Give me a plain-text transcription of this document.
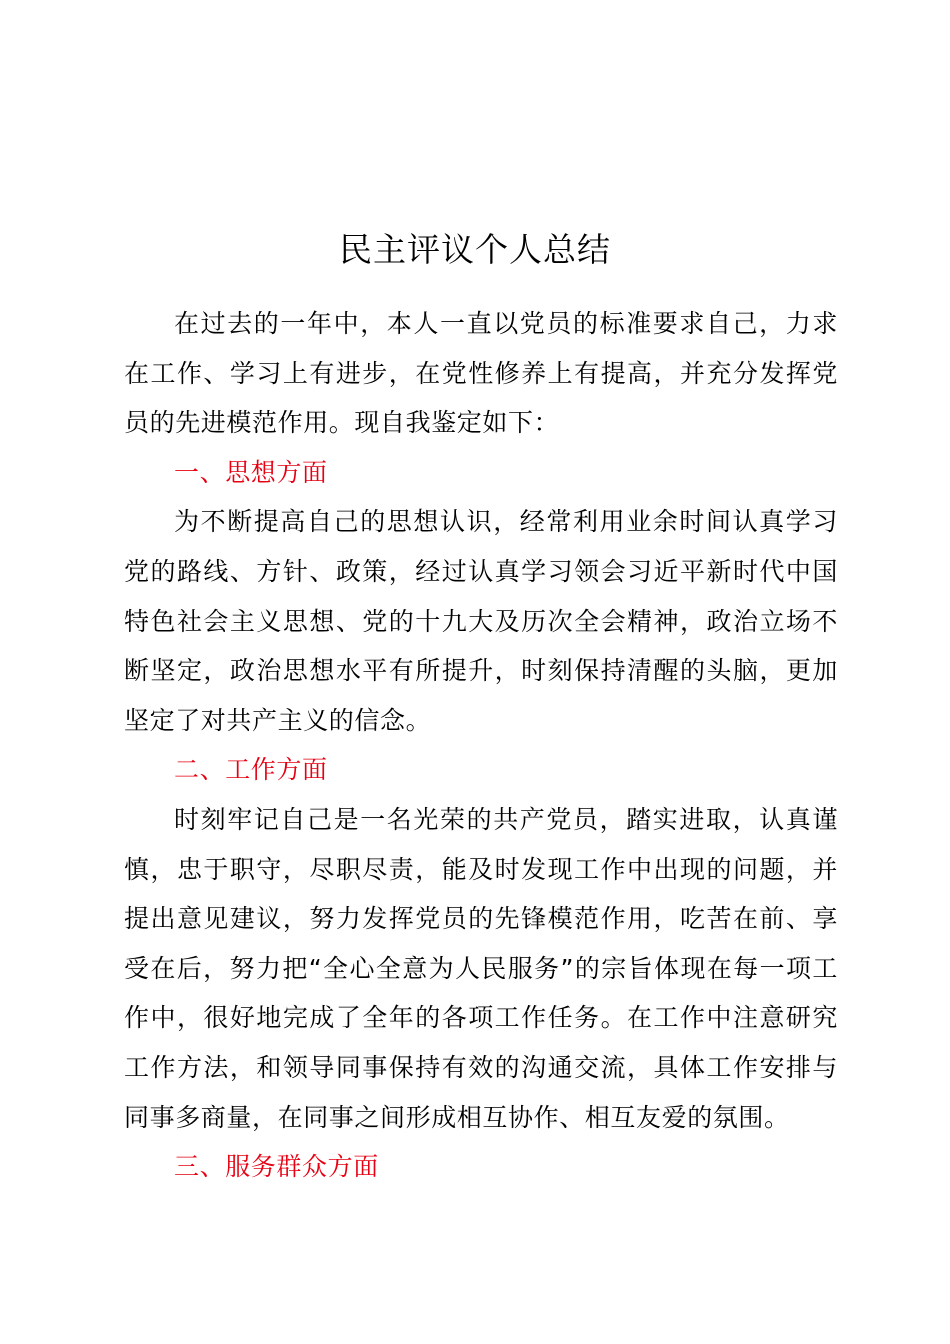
民主评议个人总结

在过去的一年中，本人一直以党员的标准要求自己，力求在工作、学习上有进步，在党性修养上有提高，并充分发挥党员的先进模范作用。现自我鉴定如下：

一、思想方面

为不断提高自己的思想认识，经常利用业余时间认真学习党的路线、方针、政策，经过认真学习领会习近平新时代中国特色社会主义思想、党的十九大及历次全会精神，政治立场不断坚定，政治思想水平有所提升，时刻保持清醒的头脑，更加坚定了对共产主义的信念。

二、工作方面

时刻牢记自己是一名光荣的共产党员，踏实进取，认真谨慎，忠于职守，尽职尽责，能及时发现工作中出现的问题，并提出意见建议，努力发挥党员的先锋模范作用，吃苦在前、享受在后，努力把“全心全意为人民服务”的宗旨体现在每一项工作中，很好地完成了全年的各项工作任务。在工作中注意研究工作方法，和领导同事保持有效的沟通交流，具体工作安排与同事多商量，在同事之间形成相互协作、相互友爱的氛围。

三、服务群众方面
